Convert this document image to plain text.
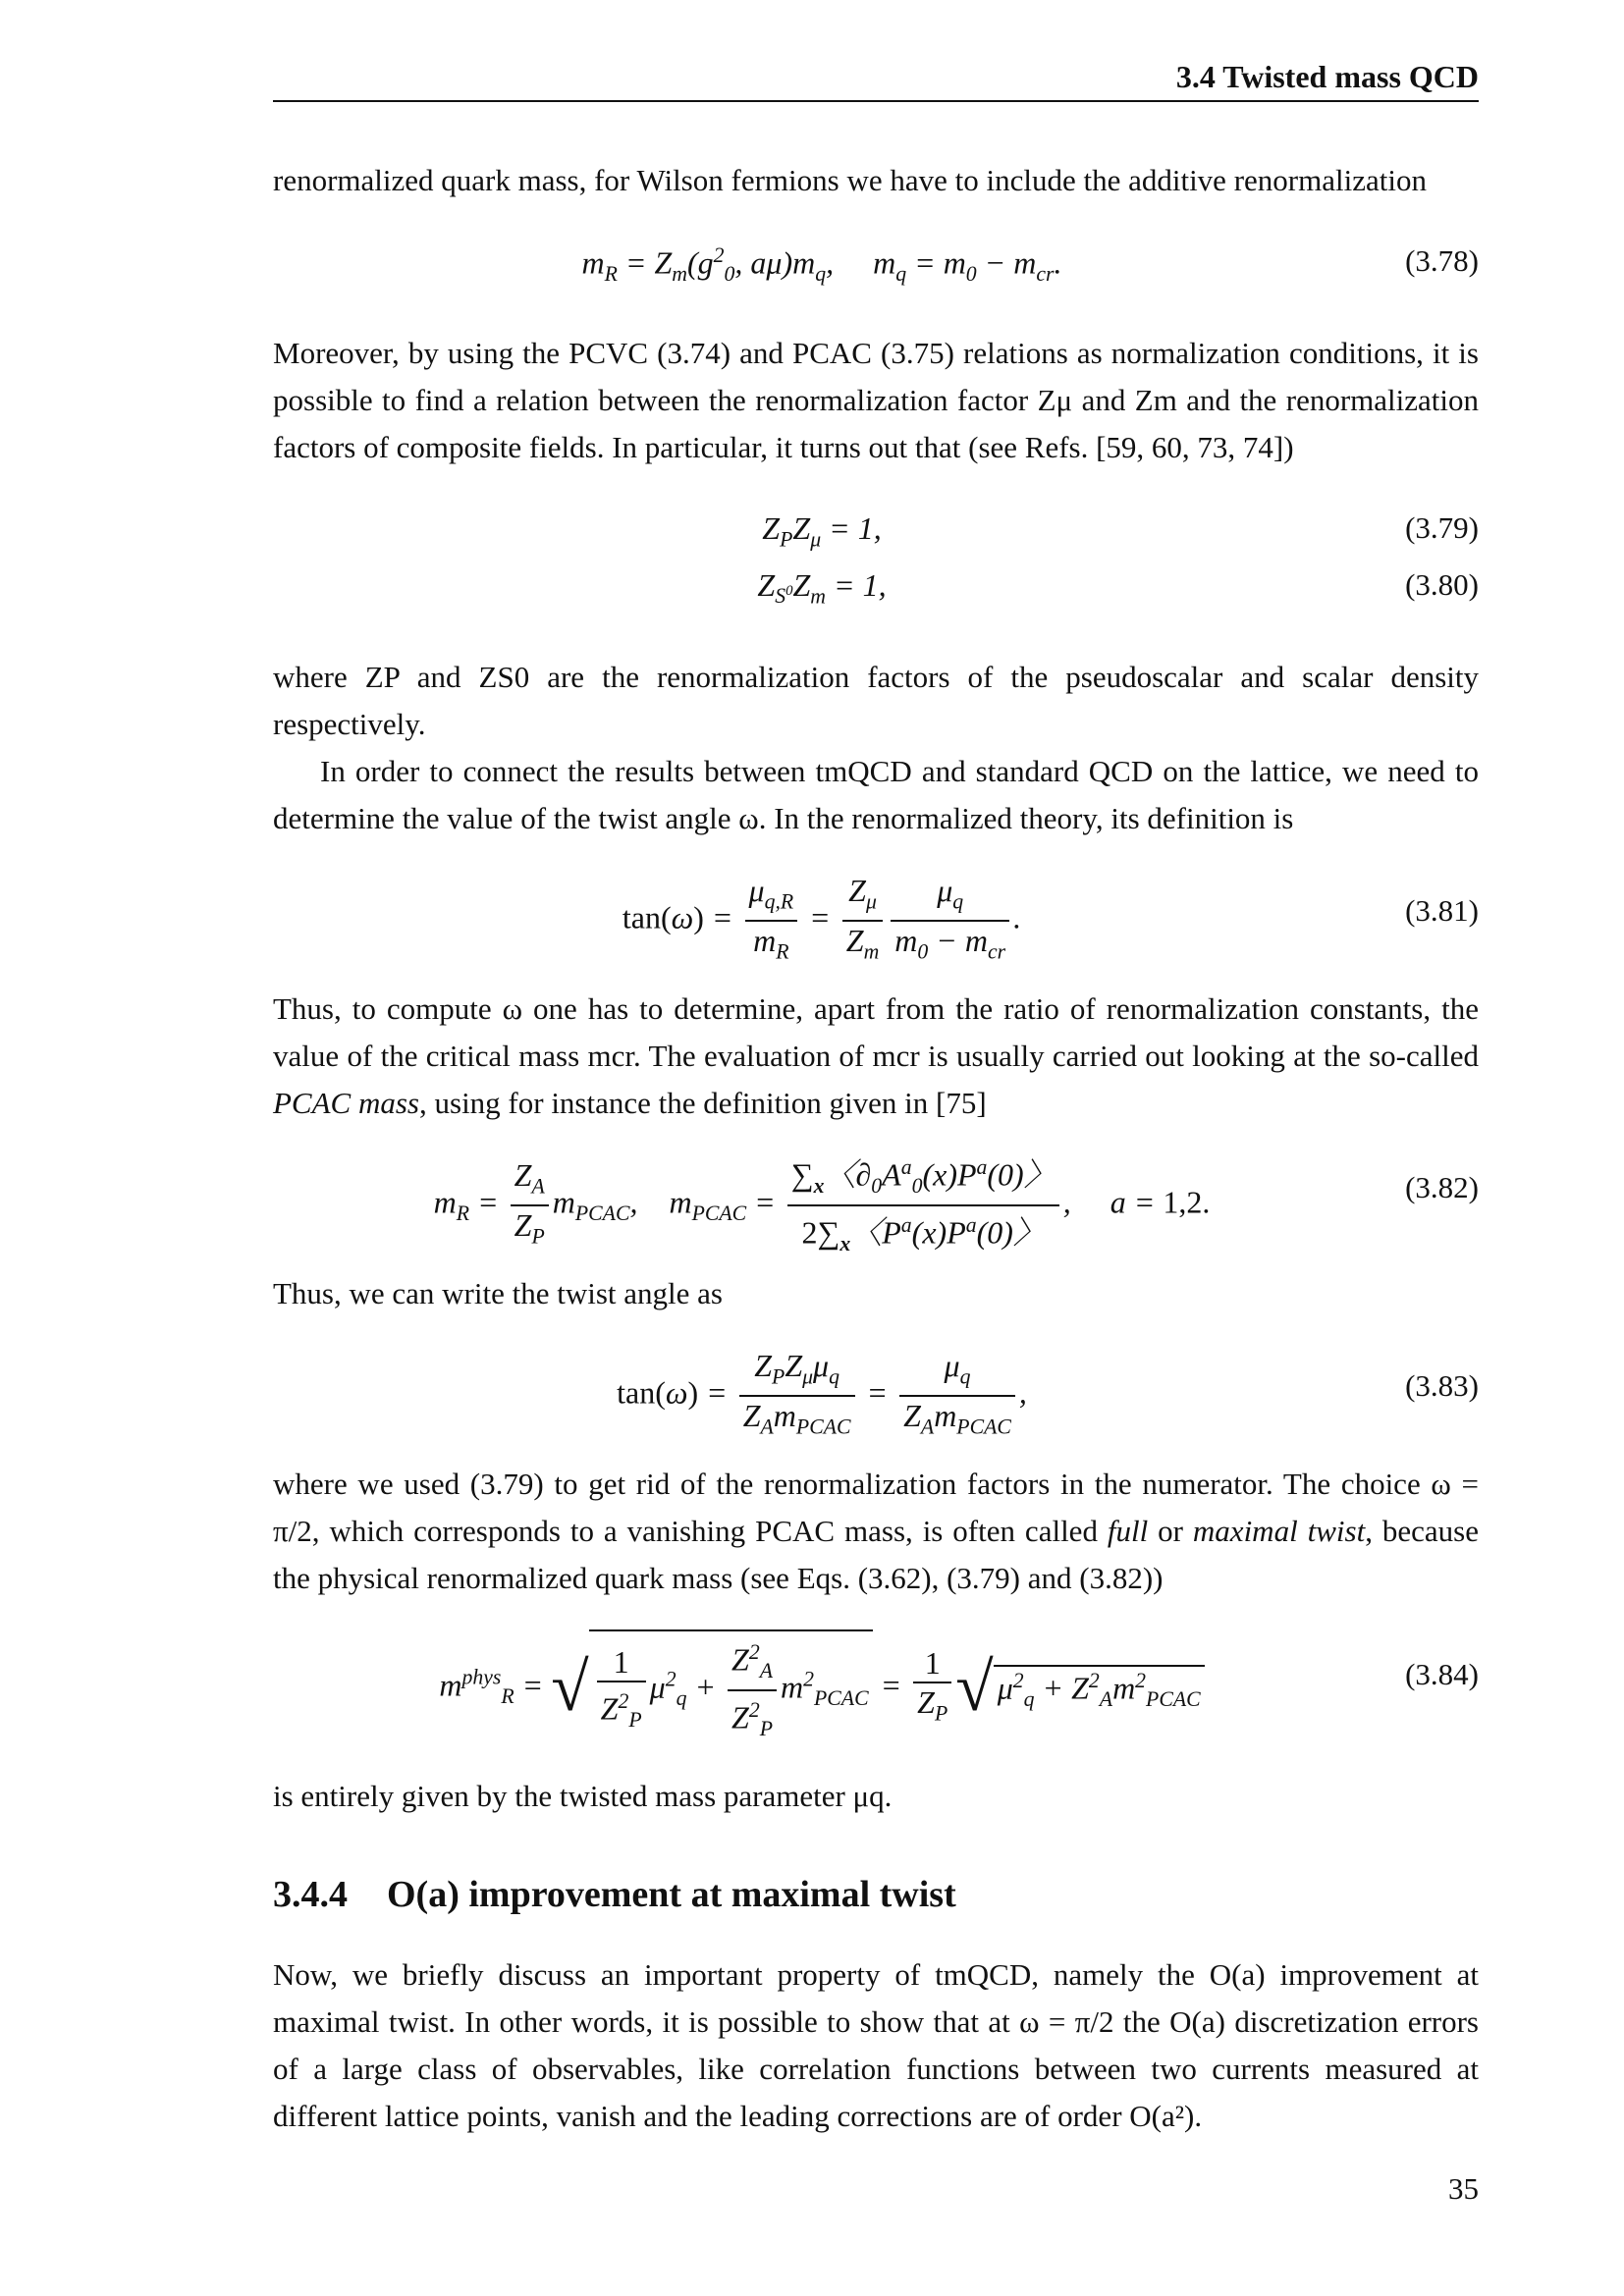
3.4 Twisted mass QCD

renormalized quark mass, for Wilson fermions we have to include the additive renormalization

$m_R = Z_m(g^2_0$, $a\mu)m_q$,     $m_q = m_0 - m_{cr}$.	(3.78)

Moreover, by using the PCVC (3.74) and PCAC (3.75) relations as normalization conditions, it is possible to find a relation between the renormalization factor Zμ and Zm and the renormalization factors of composite fields. In particular, it turns out that (see Refs. [59, 60, 73, 74])

$Z_PZ_\mu = 1$,	(3.79)
$Z_{S^0}Z_m = 1$,	(3.80)

where ZP and ZS0 are the renormalization factors of the pseudoscalar and scalar density respectively.

In order to connect the results between tmQCD and standard QCD on the lattice, we need to determine the value of the twist angle ω. In the renormalized theory, its definition is

$\tan(\omega) = \frac{\mu_{q,R}}{m_R} = \frac{Z_\mu}{Z_m} \frac{\mu_q}{m_0 - m_{cr}}$ .	(3.81)

Thus, to compute ω one has to determine, apart from the ratio of renormalization constants, the value of the critical mass mcr. The evaluation of mcr is usually carried out looking at the so-called PCAC mass, using for instance the definition given in [75]

$m_R = \frac{Z_A}{Z_P} m_{PCAC}$,    $m_{PCAC} = \frac{\sum_x〈\partial_0A^a_0(x)P^a(0)〉}{2\sum_x〈P^a(x)P^a(0)〉}$ ,     a = 1,2.	(3.82)

Thus, we can write the twist angle as

$\tan(\omega) = \frac{Z_PZ_\mu\mu_q}{Z_Am_{PCAC}} = \frac{\mu_q}{Z_Am_{PCAC}}$ ,	(3.83)

where we used (3.79) to get rid of the renormalization factors in the numerator. The choice ω = π/2, which corresponds to a vanishing PCAC mass, is often called full or maximal twist, because the physical renormalized quark mass (see Eqs. (3.62), (3.79) and (3.82))

$m^{phys}_R$ = √ $\frac{1}{Z^2_P} \mu^2_q + \frac{Z^2_A}{Z^2_P} m^2_{PCAC} = \frac{1}{Z_P}$ √ $\mu^2_q + Z^2_Am^2_{PCAC}$
(3.84)

is entirely given by the twisted mass parameter μq.

3.4.4 O(a) improvement at maximal twist

Now, we briefly discuss an important property of tmQCD, namely the O(a) improvement at maximal twist. In other words, it is possible to show that at ω = π/2 the O(a) discretization errors of a large class of observables, like correlation functions between two currents measured at different lattice points, vanish and the leading corrections are of order O(a²).

35
